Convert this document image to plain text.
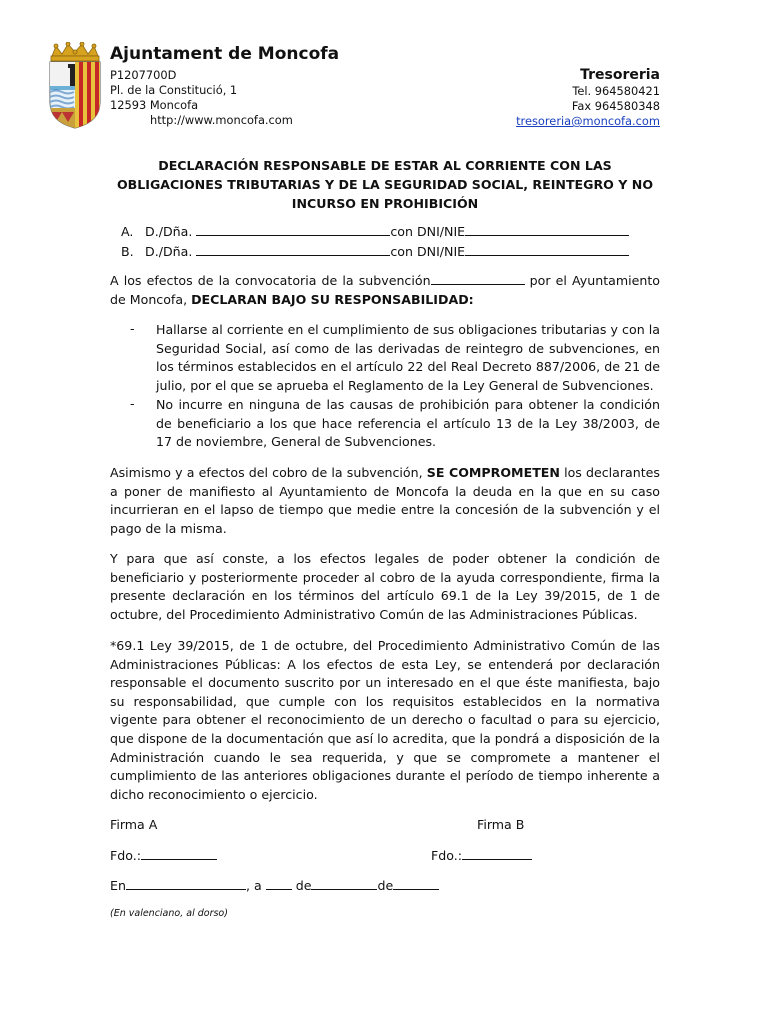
Ajuntament de Moncofa
P1207700D
Pl. de la Constitució, 1
12593 Moncofa
http://www.moncofa.com
Tresoreria
Tel. 964580421
Fax 964580348
tresoreria@moncofa.com
DECLARACIÓN RESPONSABLE DE ESTAR AL CORRIENTE CON LAS OBLIGACIONES TRIBUTARIAS Y DE LA SEGURIDAD SOCIAL, REINTEGRO Y NO INCURSO EN PROHIBICIÓN
A. D./Dña.	con DNI/NIE
B. D./Dña.	con DNI/NIE
A los efectos de la convocatoria de la subvención	por el Ayuntamiento de Moncofa, DECLARAN BAJO SU RESPONSABILIDAD:
- Hallarse al corriente en el cumplimiento de sus obligaciones tributarias y con la Seguridad Social, así como de las derivadas de reintegro de subvenciones, en los términos establecidos en el artículo 22 del Real Decreto 887/2006, de 21 de julio, por el que se aprueba el Reglamento de la Ley General de Subvenciones.
- No incurre en ninguna de las causas de prohibición para obtener la condición de beneficiario a los que hace referencia el artículo 13 de la Ley 38/2003, de 17 de noviembre, General de Subvenciones.
Asimismo y a efectos del cobro de la subvención, SE COMPROMETEN los declarantes a poner de manifiesto al Ayuntamiento de Moncofa la deuda en la que en su caso incurrieran en el lapso de tiempo que medie entre la concesión de la subvención y el pago de la misma.
Y para que así conste, a los efectos legales de poder obtener la condición de beneficiario y posteriormente proceder al cobro de la ayuda correspondiente, firma la presente declaración en los términos del artículo 69.1 de la Ley 39/2015, de 1 de octubre, del Procedimiento Administrativo Común de las Administraciones Públicas.
*69.1 Ley 39/2015, de 1 de octubre, del Procedimiento Administrativo Común de las Administraciones Públicas: A los efectos de esta Ley, se entenderá por declaración responsable el documento suscrito por un interesado en el que éste manifiesta, bajo su responsabilidad, que cumple con los requisitos establecidos en la normativa vigente para obtener el reconocimiento de un derecho o facultad o para su ejercicio, que dispone de la documentación que así lo acredita, que la pondrá a disposición de la Administración cuando le sea requerida, y que se compromete a mantener el cumplimiento de las anteriores obligaciones durante el período de tiempo inherente a dicho reconocimiento o ejercicio.
Firma A	Firma B
Fdo.:	Fdo.:
En	, a	de	de
(En valenciano, al dorso)
